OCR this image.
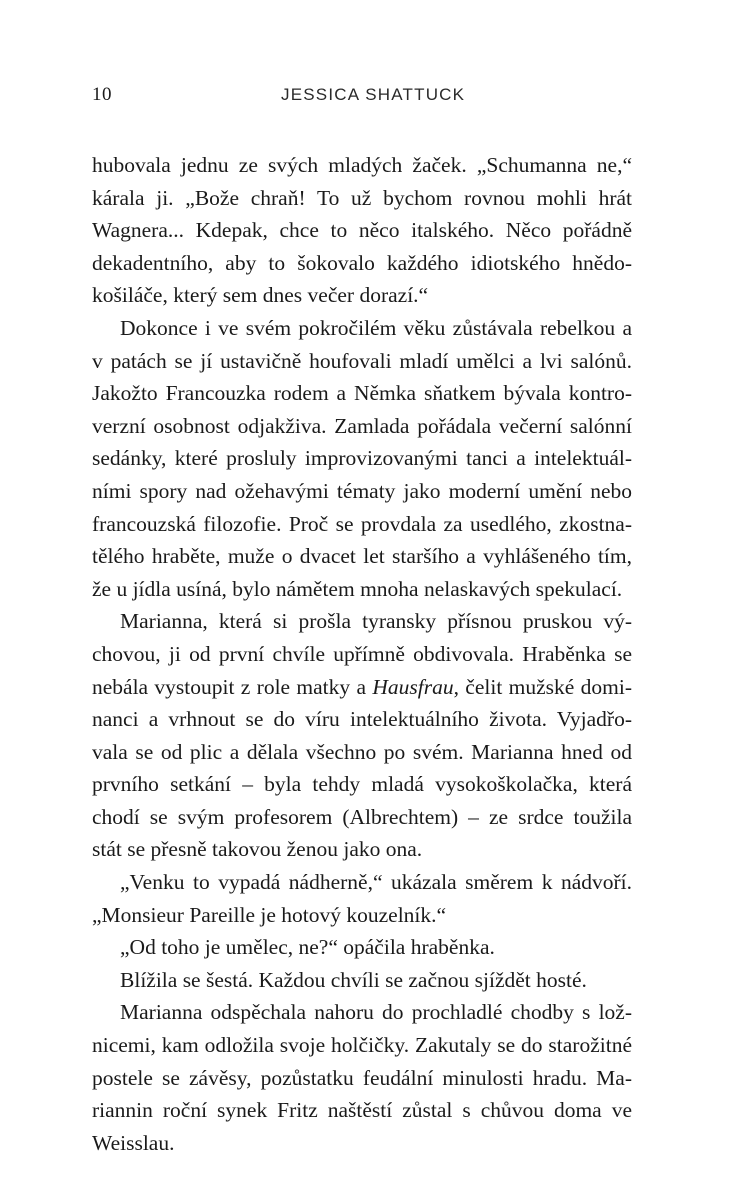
10	JESSICA SHATTUCK
hubovala jednu ze svých mladých žaček. „Schumanna ne,“
kárala ji. „Bože chraň! To už bychom rovnou mohli hrát
Wagnera... Kdepak, chce to něco italského. Něco pořádně
dekadentního, aby to šokovalo každého idiotského hnědo-
košiláče, který sem dnes večer dorazí.“
Dokonce i ve svém pokročilém věku zůstávala rebelkou a
v patách se jí ustavičně houfovali mladí umělci a lvi salónů.
Jakožto Francouzka rodem a Němka sňatkem bývala kontro-
verzní osobnost odjakživa. Zamlada pořádala večerní salónní
sedánky, které prosluly improvizovanými tanci a intelektuál-
ními spory nad ožehavými tématy jako moderní umění nebo
francouzská filozofie. Proč se provdala za usedlého, zkostna-
tělého hraběte, muže o dvacet let staršího a vyhlášeného tím,
že u jídla usíná, bylo námětem mnoha nelaskavých spekulací.
Marianna, která si prošla tyransky přísnou pruskou vý-
chovou, ji od první chvíle upřímně obdivovala. Hraběnka se
nebála vystoupit z role matky a Hausfrau, čelit mužské domi-
nanci a vrhnout se do víru intelektuálního života. Vyjadřo-
vala se od plic a dělala všechno po svém. Marianna hned od
prvního setkání – byla tehdy mladá vysokoškolačka, která
chodí se svým profesorem (Albrechtem) – ze srdce toužila
stát se přesně takovou ženou jako ona.
„Venku to vypadá nádherně,“ ukázala směrem k nádvoří.
„Monsieur Pareille je hotový kouzelník.“
„Od toho je umělec, ne?“ opáčila hraběnka.
Blížila se šestá. Každou chvíli se začnou sjíždět hosté.
Marianna odspěchala nahoru do prochladlé chodby s lož-
nicemi, kam odložila svoje holčičky. Zakutaly se do starožitné
postele se závěsy, pozůstatku feudální minulosti hradu. Ma-
riannin roční synek Fritz naštěstí zůstal s chůvou doma ve
Weisslau.
